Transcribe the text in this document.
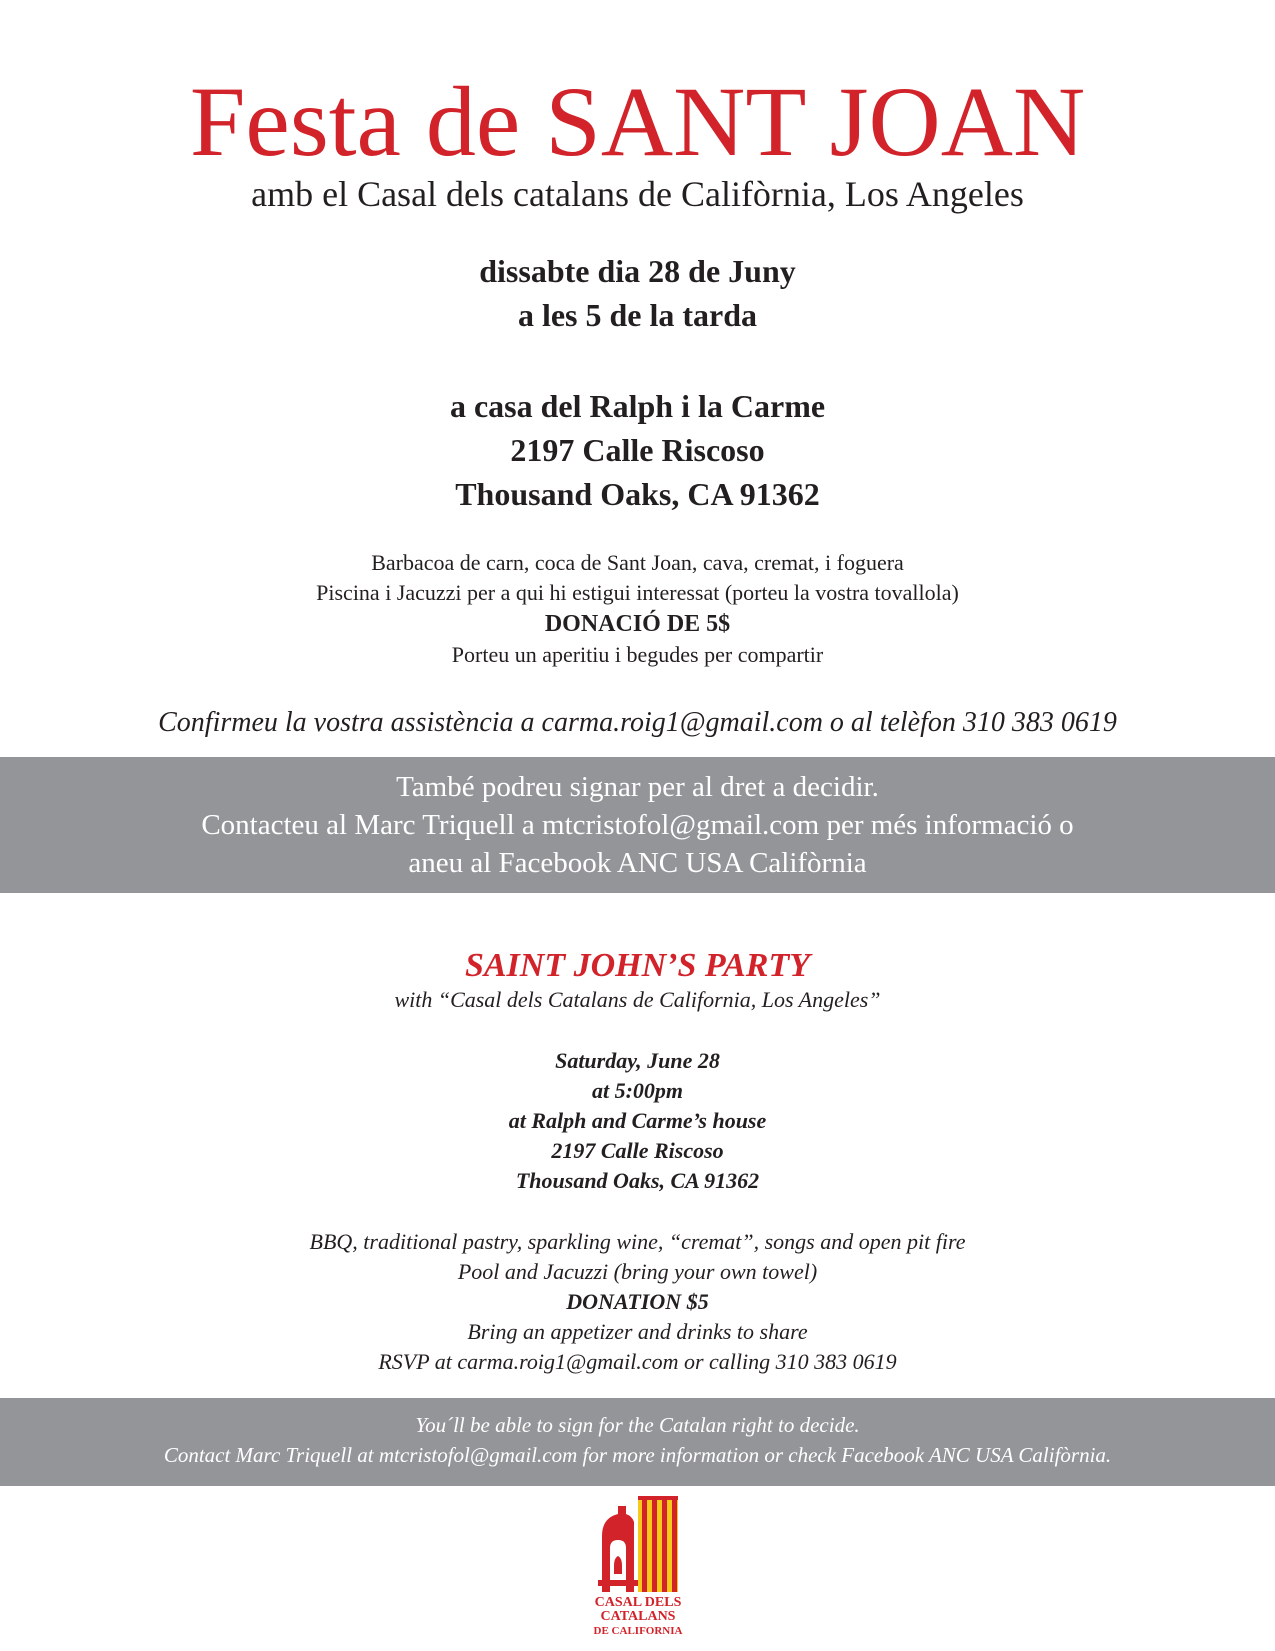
Festa de SANT JOAN
amb el Casal dels catalans de Califòrnia, Los Angeles
dissabte dia 28 de Juny
a les 5 de la tarda
a casa del Ralph i la Carme
2197 Calle Riscoso
Thousand Oaks, CA 91362
Barbacoa de carn, coca de Sant Joan, cava, cremat, i foguera
Piscina i Jacuzzi per a qui hi estigui interessat (porteu la vostra tovallola)
DONACIÓ DE 5$
Porteu un aperitiu i begudes per compartir
Confirmeu la vostra assistència a carma.roig1@gmail.com o al telèfon 310 383 0619
També podreu signar per al dret a decidir.
Contacteu al Marc Triquell a mtcristofol@gmail.com per més informació o
aneu al Facebook ANC USA Califòrnia
SAINT JOHN’S PARTY
with “Casal dels Catalans de California, Los Angeles”
Saturday, June 28
at 5:00pm
at Ralph and Carme’s house
2197 Calle Riscoso
Thousand Oaks, CA 91362
BBQ, traditional pastry, sparkling wine, “cremat”, songs and open pit fire
Pool and Jacuzzi (bring your own towel)
DONATION $5
Bring an appetizer and drinks to share
RSVP at carma.roig1@gmail.com or calling 310 383 0619
You´ll be able to sign for the Catalan right to decide.
Contact Marc Triquell at mtcristofol@gmail.com for more information or check Facebook ANC USA Califòrnia.
CASAL DELS
CATALANS
DE CALIFORNIA
